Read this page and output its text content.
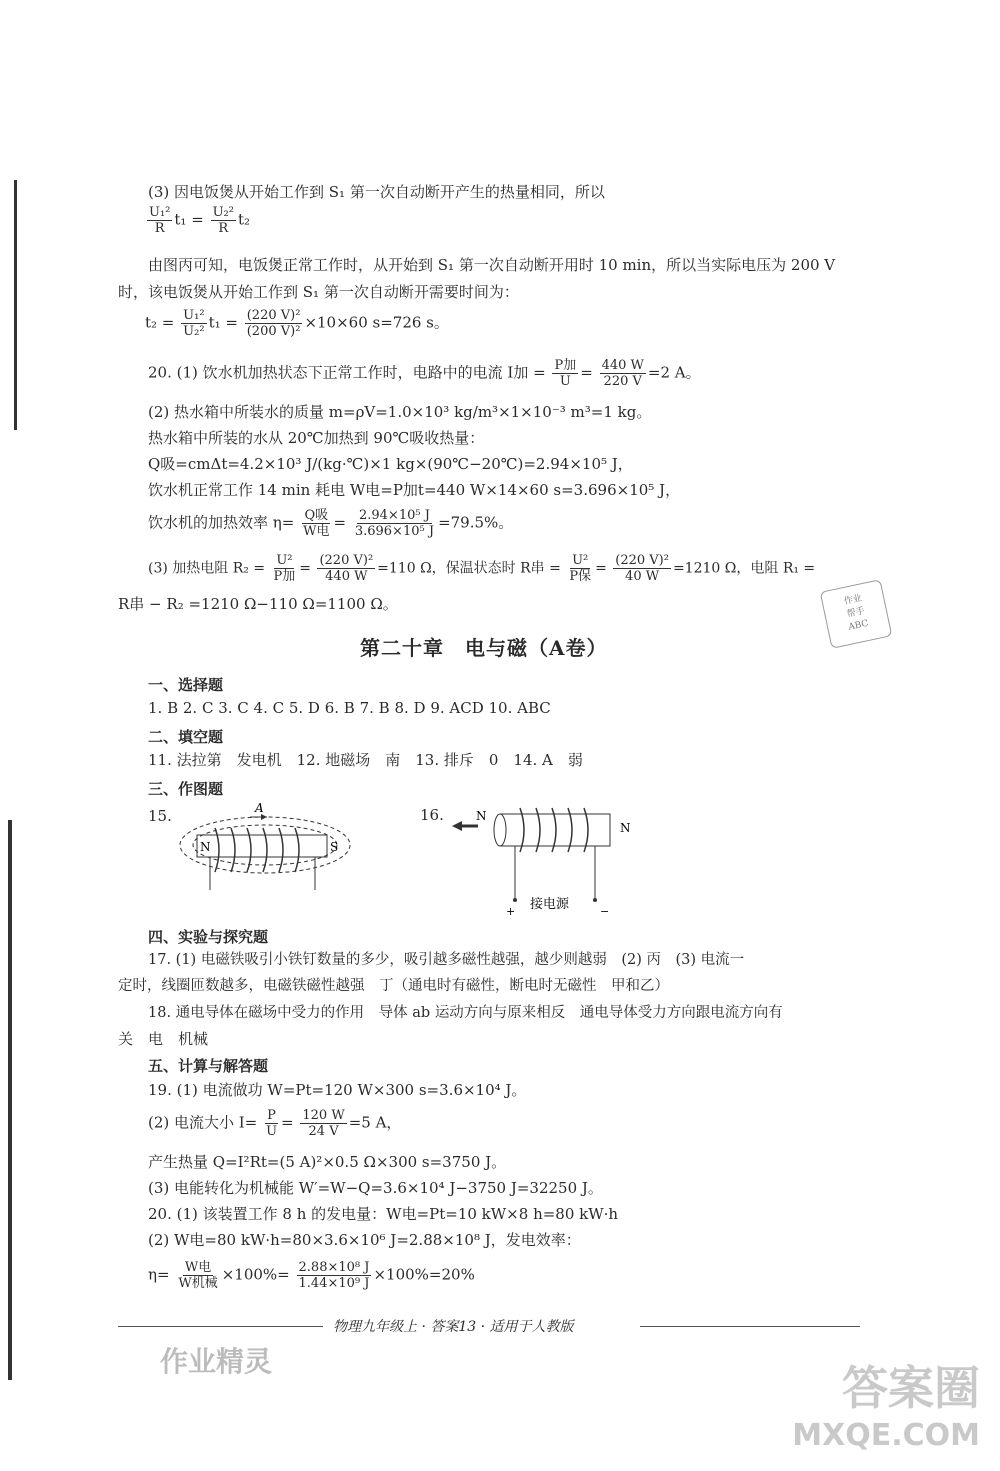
(3) 因电饭煲从开始工作到 S₁ 第一次自动断开产生的热量相同，所以
$\frac{\text{U₁²}}{R} t_1 = \frac{\text{U₂²}}{R} t_2$
由图丙可知，电饭煲正常工作时，从开始到 S₁ 第一次自动断开用时 10 min，所以当实际电压为 200 V
时，该电饭煲从开始工作到 S₁ 第一次自动断开需要时间为：
$t_2 = \frac{\text{U₁²}}{\text{U₂²}} t_1 = \frac{\text{(220 V)²}}{\text{(200 V)²}} \times 10\times 60$ s=726 s。
20. (1) 饮水机加热状态下正常工作时，电路中的电流 I加 = $\frac{\text{P加}}{U} = \frac{440 W}{220 V} =2$ A。
(2) 热水箱中所装水的质量 m=ρV=1.0×10³ kg/m³×1×10⁻³ m³=1 kg。
热水箱中所装的水从 20℃加热到 90℃吸收热量：
Q吸=cmΔt=4.2×10³ J/(kg·℃)×1 kg×(90℃−20℃)=2.94×10⁵ J，
饮水机正常工作 14 min 耗电 W电=P加t=440 W×14×60 s=3.696×10⁵ J，
饮水机的加热效率 $\eta= \frac{\text{Q吸}}{\text{W电}} = \frac{\text{2.94×10⁵ J}}{\text{3.696×10⁵ J}} =79.5\%$。
(3) 加热电阻 $R_2 = \frac{\text{U²}}{\text{P加}} = \frac{\text{(220 V)²}}{440 W} =110$ Ω，保温状态时 R串 = $\frac{\text{U²}}{\text{P保}} = \frac{\text{(220 V)²}}{40 W} =1210$ Ω，电阻 R₁ =
R串 − R₂ =1210 Ω−110 Ω=1100 Ω。	作业
帮手
ABC
第二十章　电与磁（A卷）
一、选择题
1. B 2. C 3. C 4. C 5. D 6. B 7. B 8. D 9. ACD 10. ABC
二、填空题
11. 法拉第　发电机　12. 地磁场　南　13. 排斥　0　14. A　弱
三、作图题
15.	A
N	S
16.	N
N
接电源
+	−
四、实验与探究题
17. (1) 电磁铁吸引小铁钉数量的多少，吸引越多磁性越强，越少则越弱　(2) 丙　(3) 电流一
定时，线圈匝数越多，电磁铁磁性越强　丁（通电时有磁性，断电时无磁性　甲和乙）
18. 通电导体在磁场中受力的作用　导体 ab 运动方向与原来相反　通电导体受力方向跟电流方向有
关　电　机械
五、计算与解答题
19. (1) 电流做功 W=Pt=120 W×300 s=3.6×10⁴ J。
(2) 电流大小 $I= \frac{P}{U} = \frac{120 W}{24 V} =5$ A，
产生热量 Q=I²Rt=(5 A)²×0.5 Ω×300 s=3750 J。
(3) 电能转化为机械能 W′=W−Q=3.6×10⁴ J−3750 J=32250 J。
20. (1) 该装置工作 8 h 的发电量：W电=Pt=10 kW×8 h=80 kW·h
(2) W电=80 kW·h=80×3.6×10⁶ J=2.88×10⁸ J，发电效率：
$\eta= \frac{\text{W电}}{\text{W机械}} \times 100\%= \frac{\text{2.88×10⁸ J}}{\text{1.44×10⁹ J}} \times 100\%=20\%$
物理九年级上 · 答案13 · 适用于人教版
作业精灵	答案圈
MXQE.COM
